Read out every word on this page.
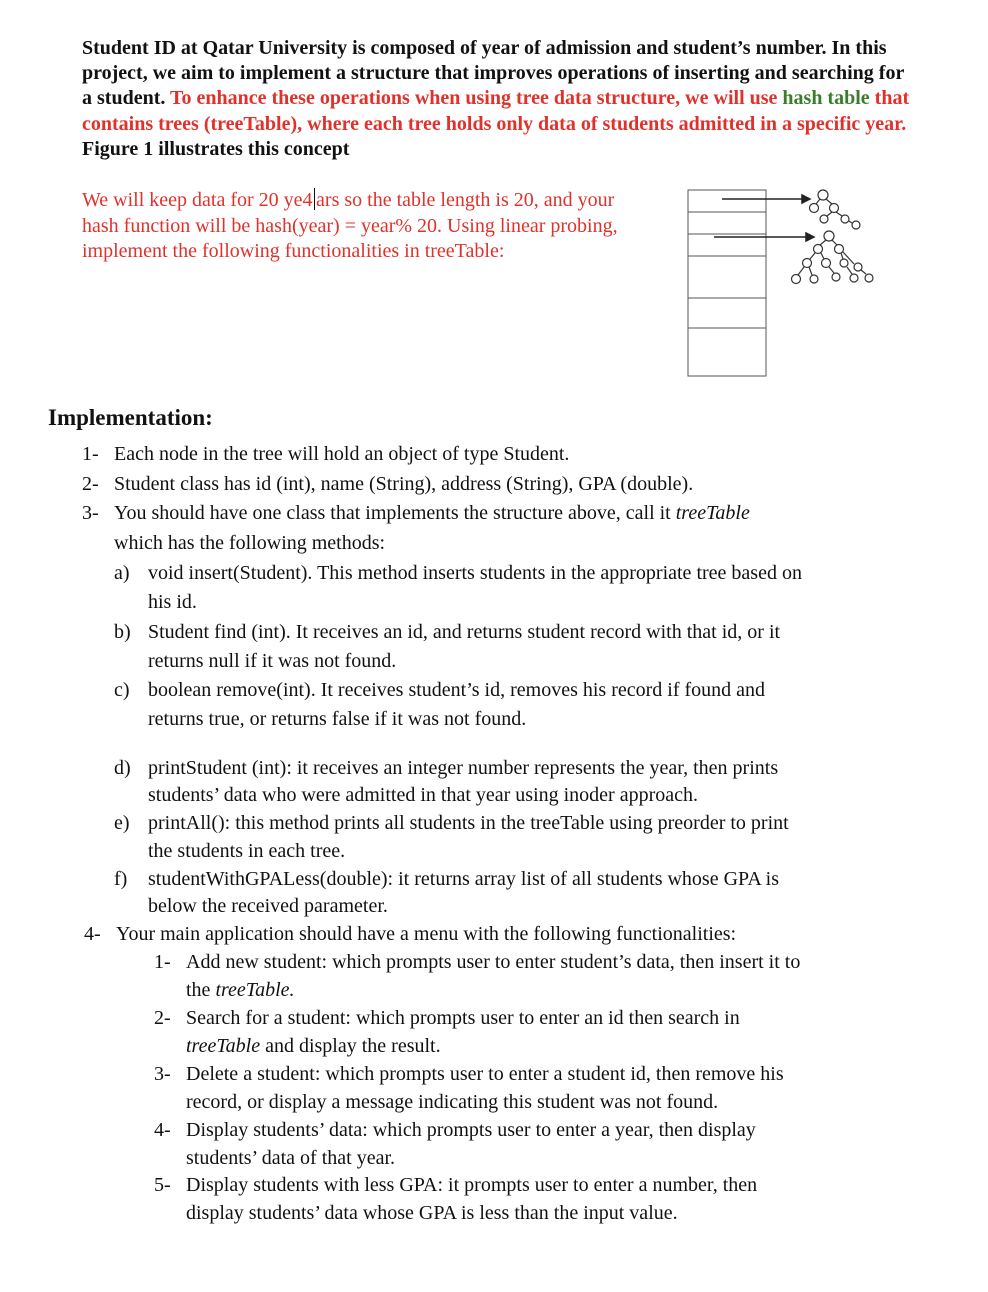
Student ID at Qatar University is composed of year of admission and student’s number. In this project, we aim to implement a structure that improves operations of inserting and searching for a student. To enhance these operations when using tree data structure, we will use hash table that contains trees (treeTable), where each tree holds only data of students admitted in a specific year. Figure 1 illustrates this concept
We will keep data for 20 ye4 ars so the table length is 20, and your hash function will be hash(year) = year% 20. Using linear probing, implement the following functionalities in treeTable:
Implementation:
1- Each node in the tree will hold an object of type Student.
2- Student class has id (int), name (String), address (String), GPA (double).
3- You should have one class that implements the structure above, call it treeTable
which has the following methods:
a) void insert(Student). This method inserts students in the appropriate tree based on
his id.
b) Student find (int). It receives an id, and returns student record with that id, or it
returns null if it was not found.
c) boolean remove(int). It receives student’s id, removes his record if found and
returns true, or returns false if it was not found.
d) printStudent (int): it receives an integer number represents the year, then prints
students’ data who were admitted in that year using inoder approach.
e) printAll(): this method prints all students in the treeTable using preorder to print
the students in each tree.
f) studentWithGPALess(double): it returns array list of all students whose GPA is
below the received parameter.
4- Your main application should have a menu with the following functionalities:
1- Add new student: which prompts user to enter student’s data, then insert it to
the treeTable.
2- Search for a student: which prompts user to enter an id then search in
treeTable and display the result.
3- Delete a student: which prompts user to enter a student id, then remove his
record, or display a message indicating this student was not found.
4- Display students’ data: which prompts user to enter a year, then display
students’ data of that year.
5- Display students with less GPA: it prompts user to enter a number, then
display students’ data whose GPA is less than the input value.
